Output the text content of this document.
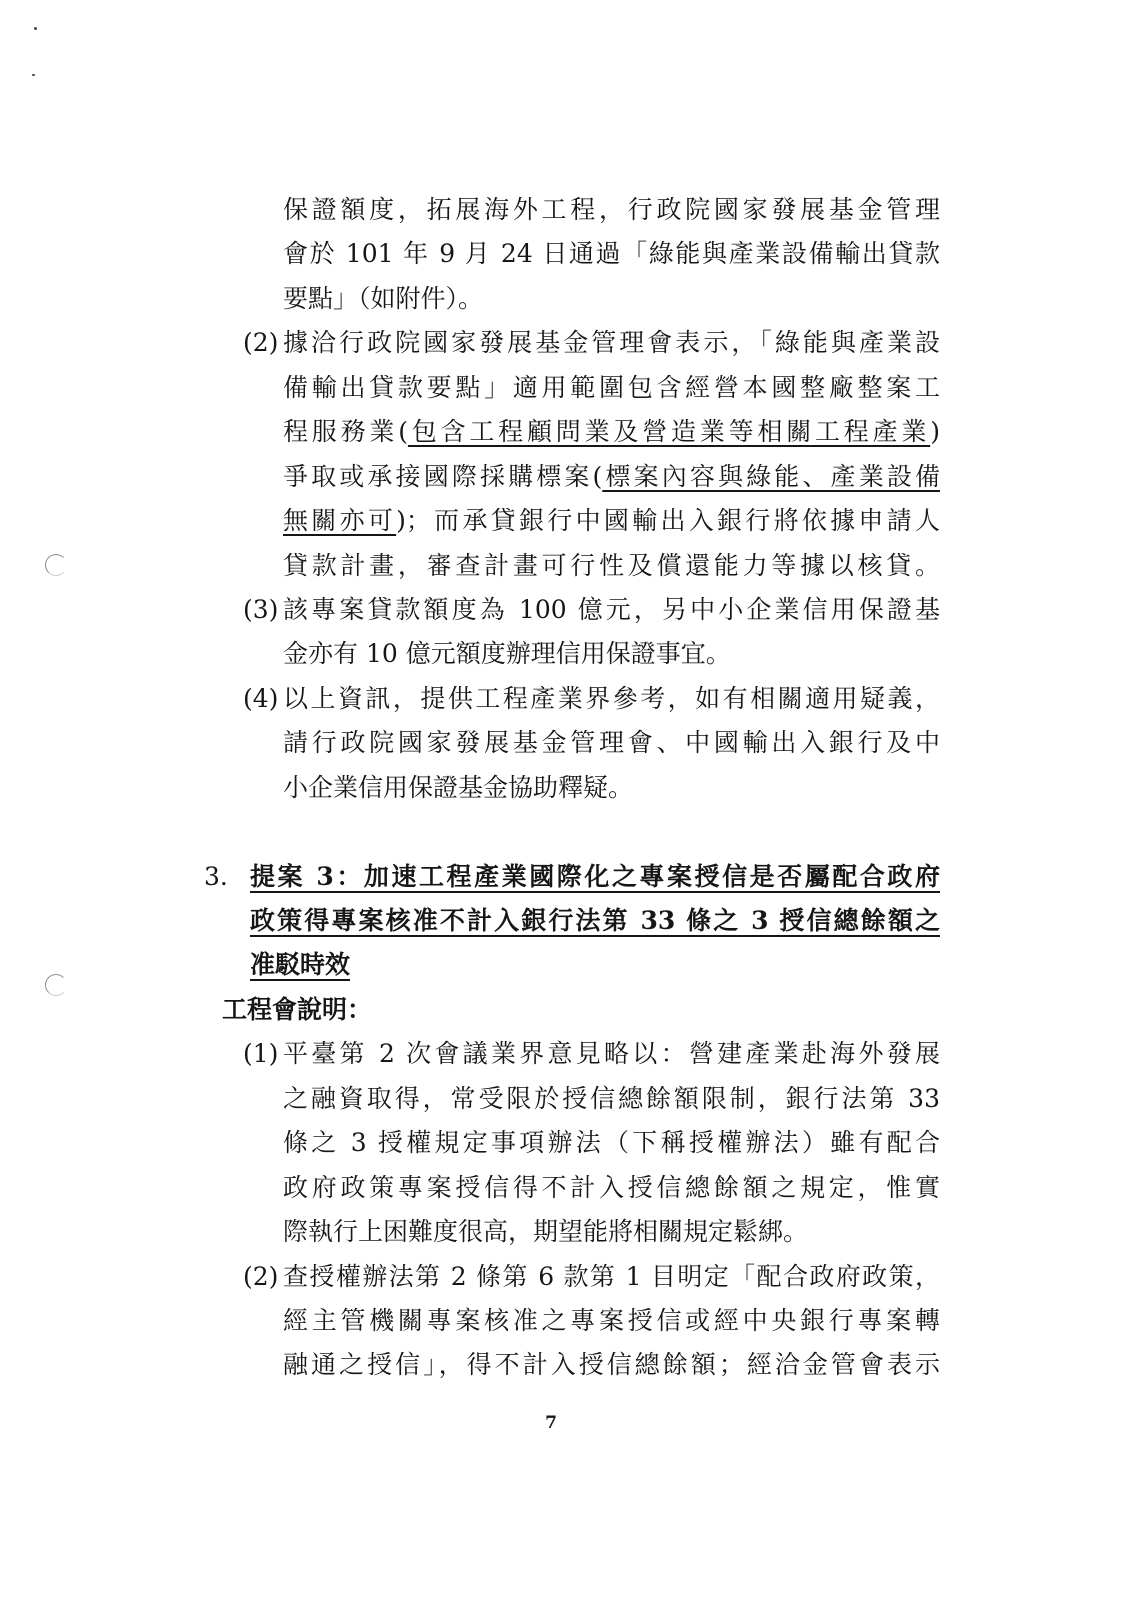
保證額度，拓展海外工程，行政院國家發展基金管理
會於 101 年 9 月 24 日通過「綠能與產業設備輸出貸款
要點」（如附件）。
(2) 據洽行政院國家發展基金管理會表示，「綠能與產業設
備輸出貸款要點」適用範圍包含經營本國整廠整案工
程服務業(包含工程顧問業及營造業等相關工程產業)
爭取或承接國際採購標案(標案內容與綠能、產業設備
無關亦可)；而承貸銀行中國輸出入銀行將依據申請人
貸款計畫，審查計畫可行性及償還能力等據以核貸。
(3) 該專案貸款額度為 100 億元，另中小企業信用保證基
金亦有 10 億元額度辦理信用保證事宜。
(4) 以上資訊，提供工程產業界參考，如有相關適用疑義，
請行政院國家發展基金管理會、中國輸出入銀行及中
小企業信用保證基金協助釋疑。
3. 提案 3：加速工程產業國際化之專案授信是否屬配合政府
政策得專案核准不計入銀行法第 33 條之 3 授信總餘額之
准駁時效
工程會說明：
(1) 平臺第 2 次會議業界意見略以：營建產業赴海外發展
之融資取得，常受限於授信總餘額限制，銀行法第 33
條之 3 授權規定事項辦法（下稱授權辦法）雖有配合
政府政策專案授信得不計入授信總餘額之規定，惟實
際執行上困難度很高，期望能將相關規定鬆綁。
(2) 查授權辦法第 2 條第 6 款第 1 目明定「配合政府政策，
經主管機關專案核准之專案授信或經中央銀行專案轉
融通之授信」，得不計入授信總餘額；經洽金管會表示
7
